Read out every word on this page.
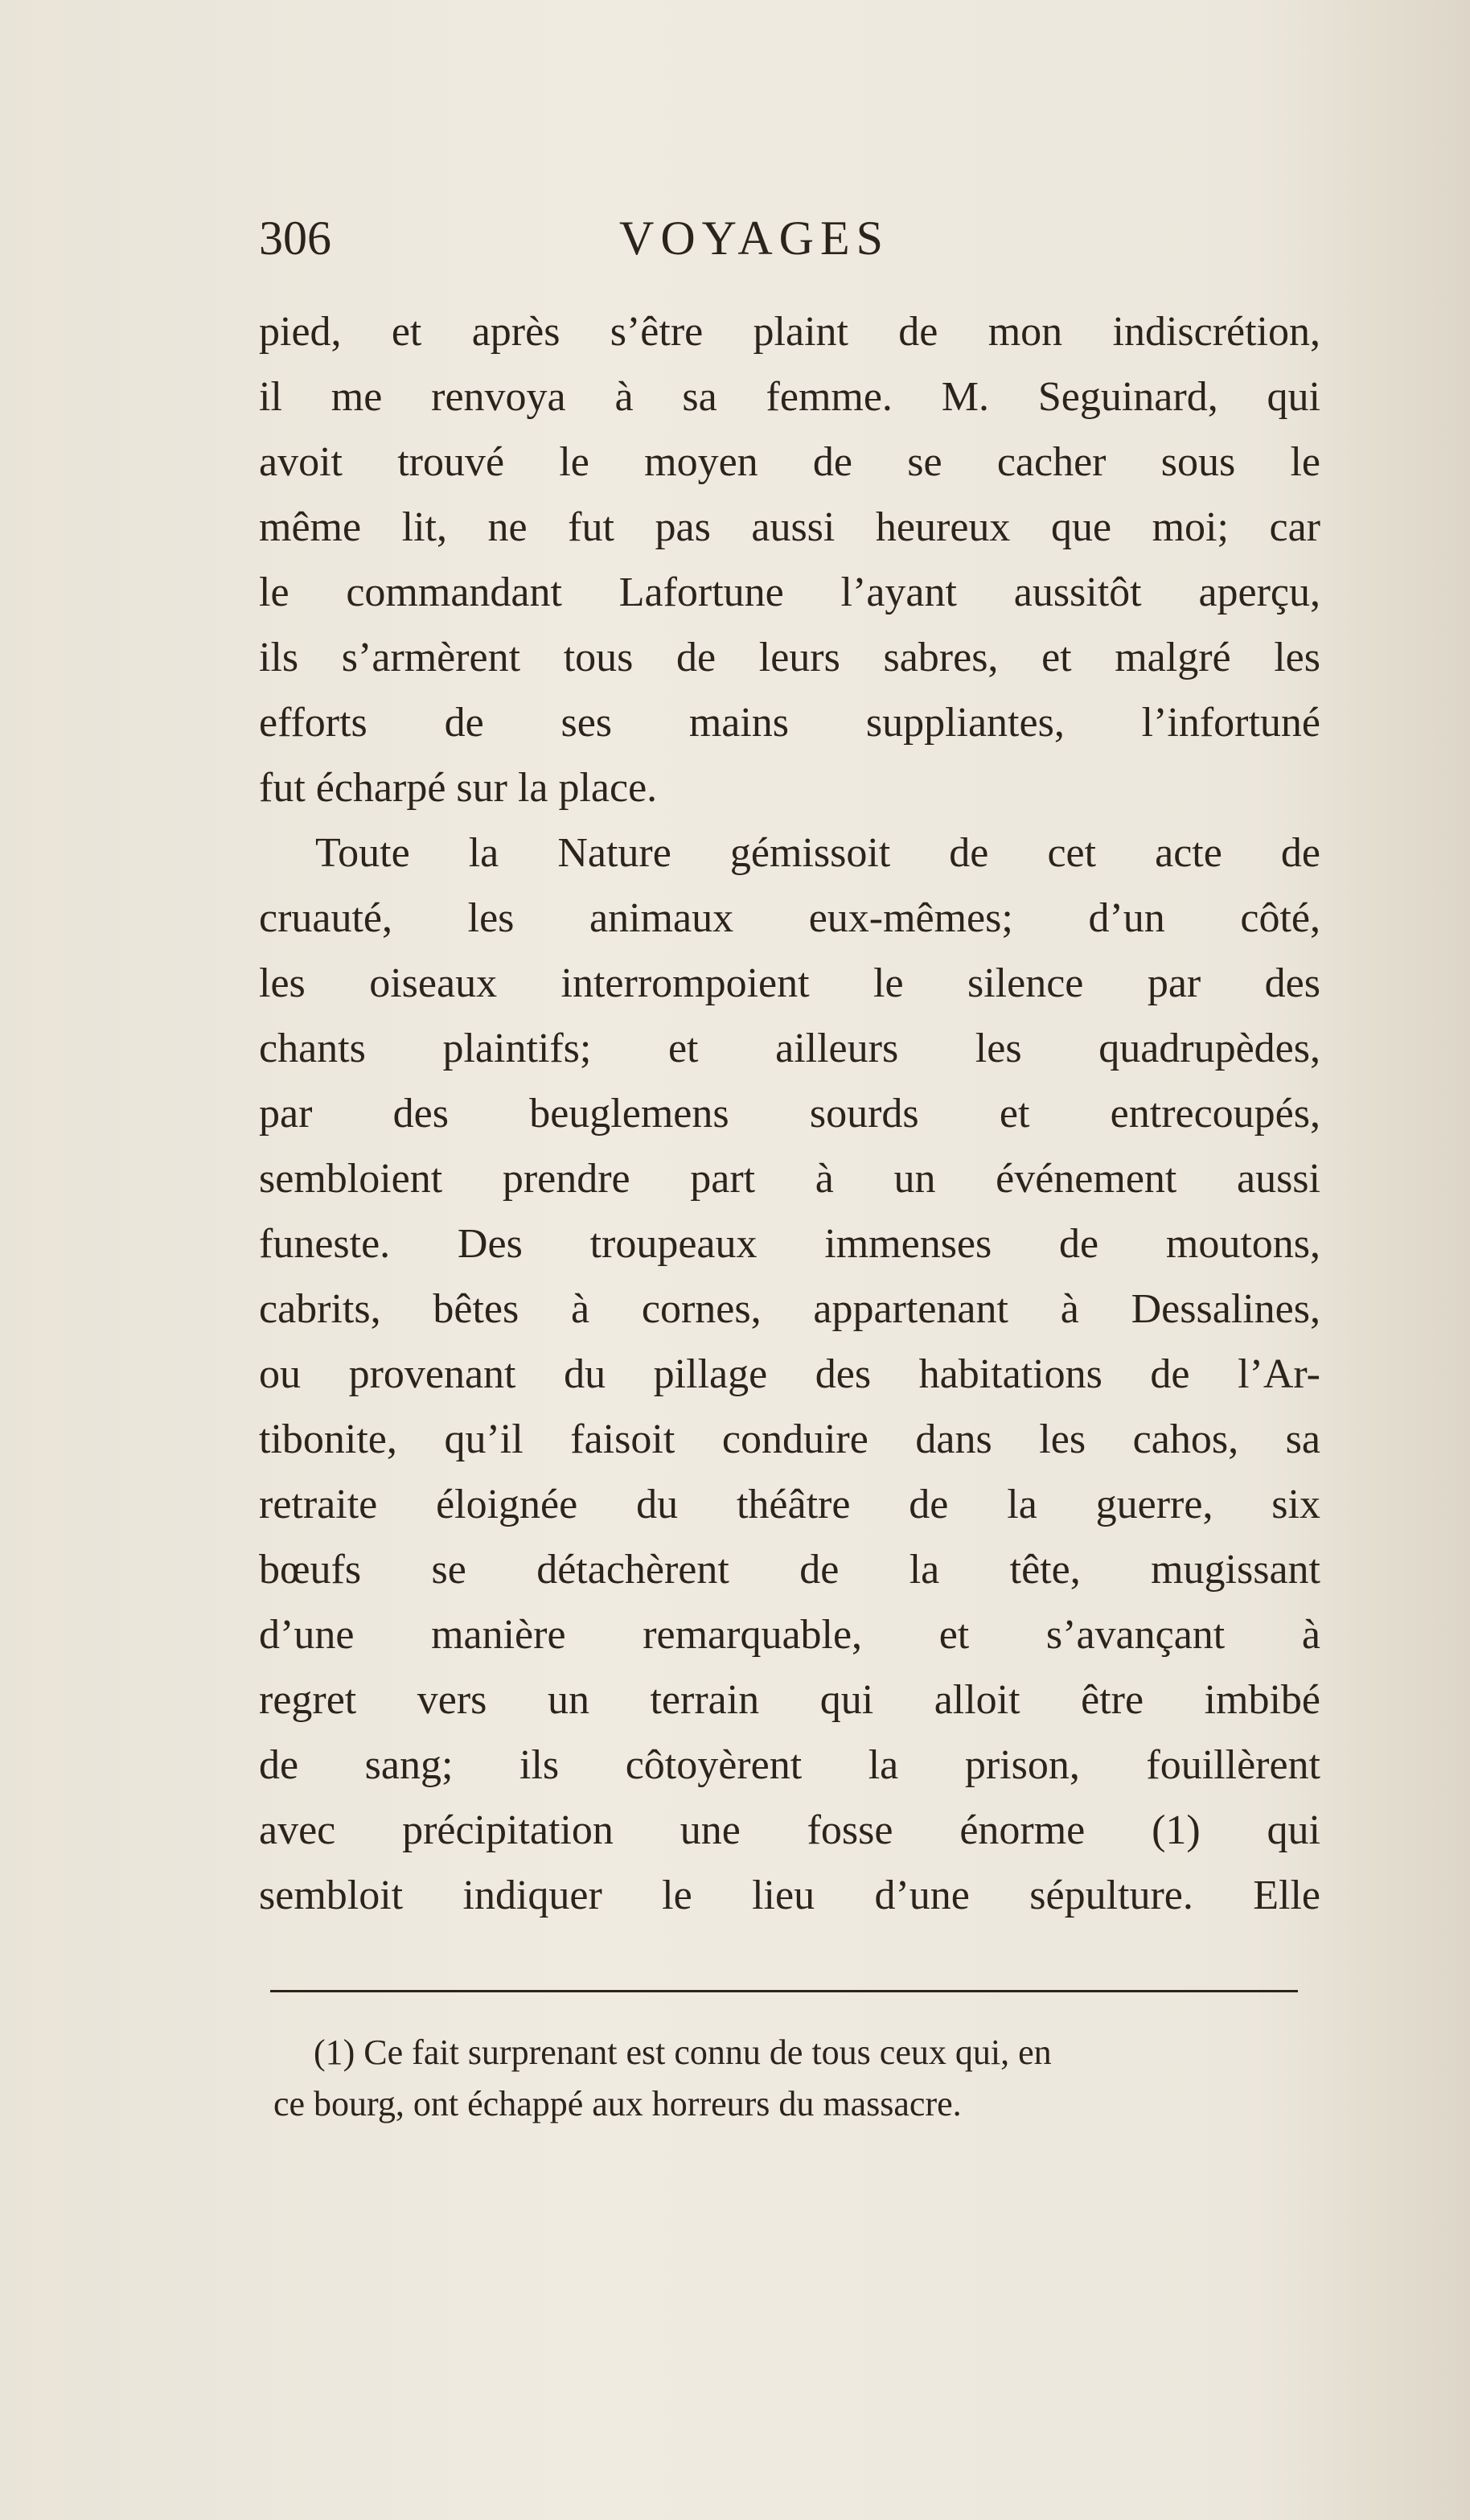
306	VOYAGES
pied, et après s’être plaint de mon indiscrétion,
il me renvoya à sa femme. M. Seguinard, qui
avoit trouvé le moyen de se cacher sous le
même lit, ne fut pas aussi heureux que moi; car
le commandant Lafortune l’ayant aussitôt aperçu,
ils s’armèrent tous de leurs sabres, et malgré les
efforts de ses mains suppliantes, l’infortuné
fut écharpé sur la place.
Toute la Nature gémissoit de cet acte de
cruauté, les animaux eux-mêmes; d’un côté,
les oiseaux interrompoient le silence par des
chants plaintifs; et ailleurs les quadrupèdes,
par des beuglemens sourds et entrecoupés,
sembloient prendre part à un événement aussi
funeste. Des troupeaux immenses de moutons,
cabrits, bêtes à cornes, appartenant à Dessalines,
ou provenant du pillage des habitations de l’Ar-
tibonite, qu’il faisoit conduire dans les cahos, sa
retraite éloignée du théâtre de la guerre, six
bœufs se détachèrent de la tête, mugissant
d’une manière remarquable, et s’avançant à
regret vers un terrain qui alloit être imbibé
de sang; ils côtoyèrent la prison, fouillèrent
avec précipitation une fosse énorme (1) qui
sembloit indiquer le lieu d’une sépulture. Elle
(1) Ce fait surprenant est connu de tous ceux qui, en
ce bourg, ont échappé aux horreurs du massacre.
